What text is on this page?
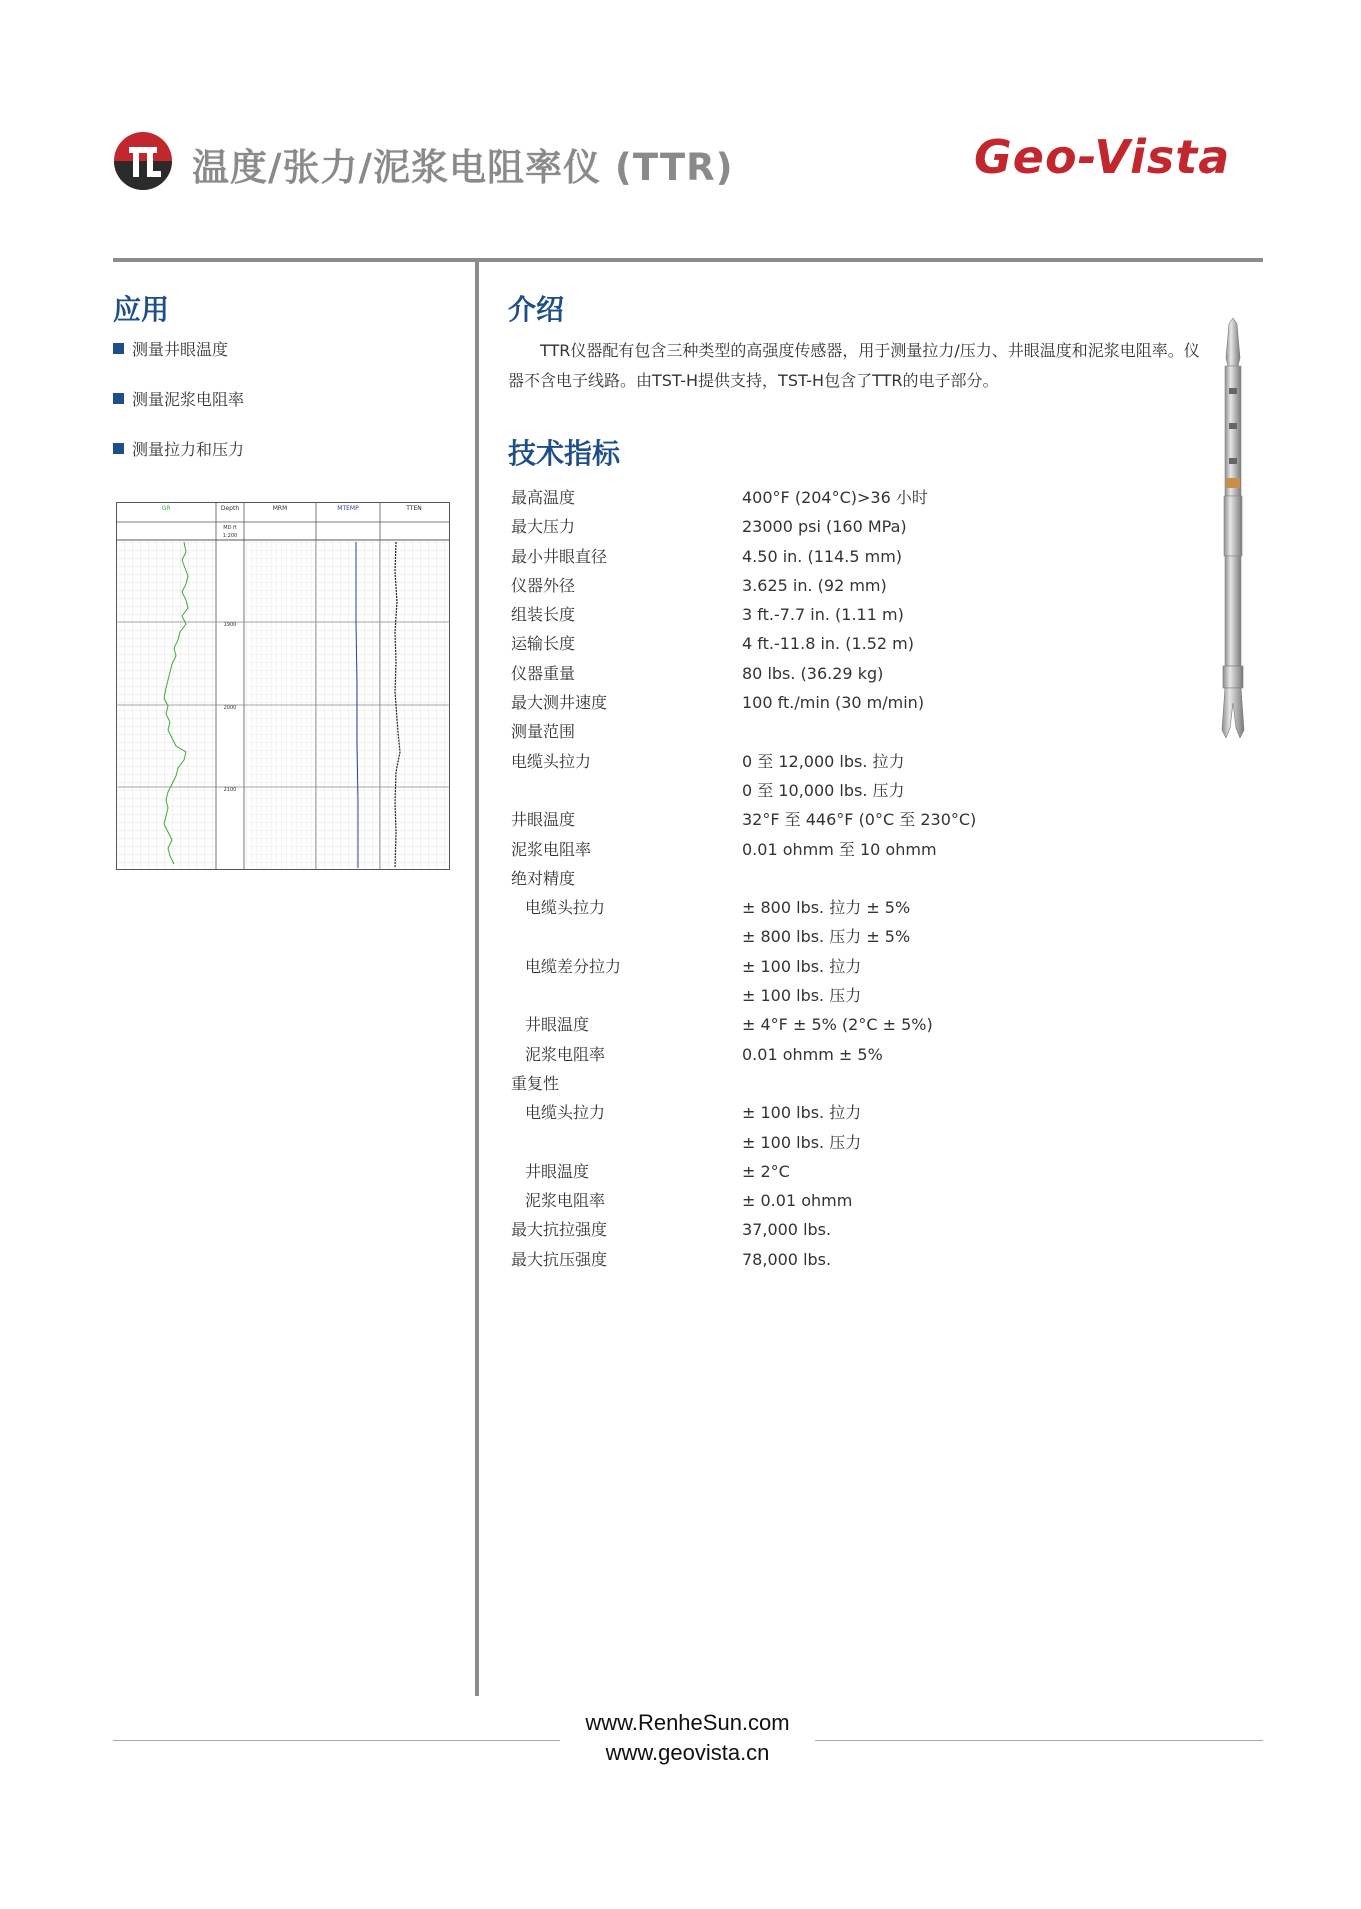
温度/张力/泥浆电阻率仪 (TTR)	Geo-Vista
应用
测量井眼温度
测量泥浆电阻率
测量拉力和压力
GR	Depth	MRM	MTEMP	TTEN
MD ft
1:200
1900
2000
2100
介绍
TTR仪器配有包含三种类型的高强度传感器，用于测量拉力/压力、井眼温度和泥浆电阻率。仪器不含电子线路。由TST-H提供支持，TST-H包含了TTR的电子部分。
技术指标
最高温度	400°F (204°C)>36 小时
最大压力	23000 psi (160 MPa)
最小井眼直径	4.50 in. (114.5 mm)
仪器外径	3.625 in. (92 mm)
组装长度	3 ft.-7.7 in. (1.11 m)
运输长度	4 ft.-11.8 in. (1.52 m)
仪器重量	80 lbs. (36.29 kg)
最大测井速度	100 ft./min (30 m/min)
测量范围
电缆头拉力	0 至 12,000 lbs. 拉力
0 至 10,000 lbs. 压力
井眼温度	32°F 至 446°F (0°C 至 230°C)
泥浆电阻率	0.01 ohmm 至 10 ohmm
绝对精度
电缆头拉力	± 800 lbs. 拉力 ± 5%
± 800 lbs. 压力 ± 5%
电缆差分拉力	± 100 lbs. 拉力
± 100 lbs. 压力
井眼温度	± 4°F ± 5% (2°C ± 5%)
泥浆电阻率	0.01 ohmm ± 5%
重复性
电缆头拉力	± 100 lbs. 拉力
± 100 lbs. 压力
井眼温度	± 2°C
泥浆电阻率	± 0.01 ohmm
最大抗拉强度	37,000 lbs.
最大抗压强度	78,000 lbs.
www.RenheSun.com
www.geovista.cn
